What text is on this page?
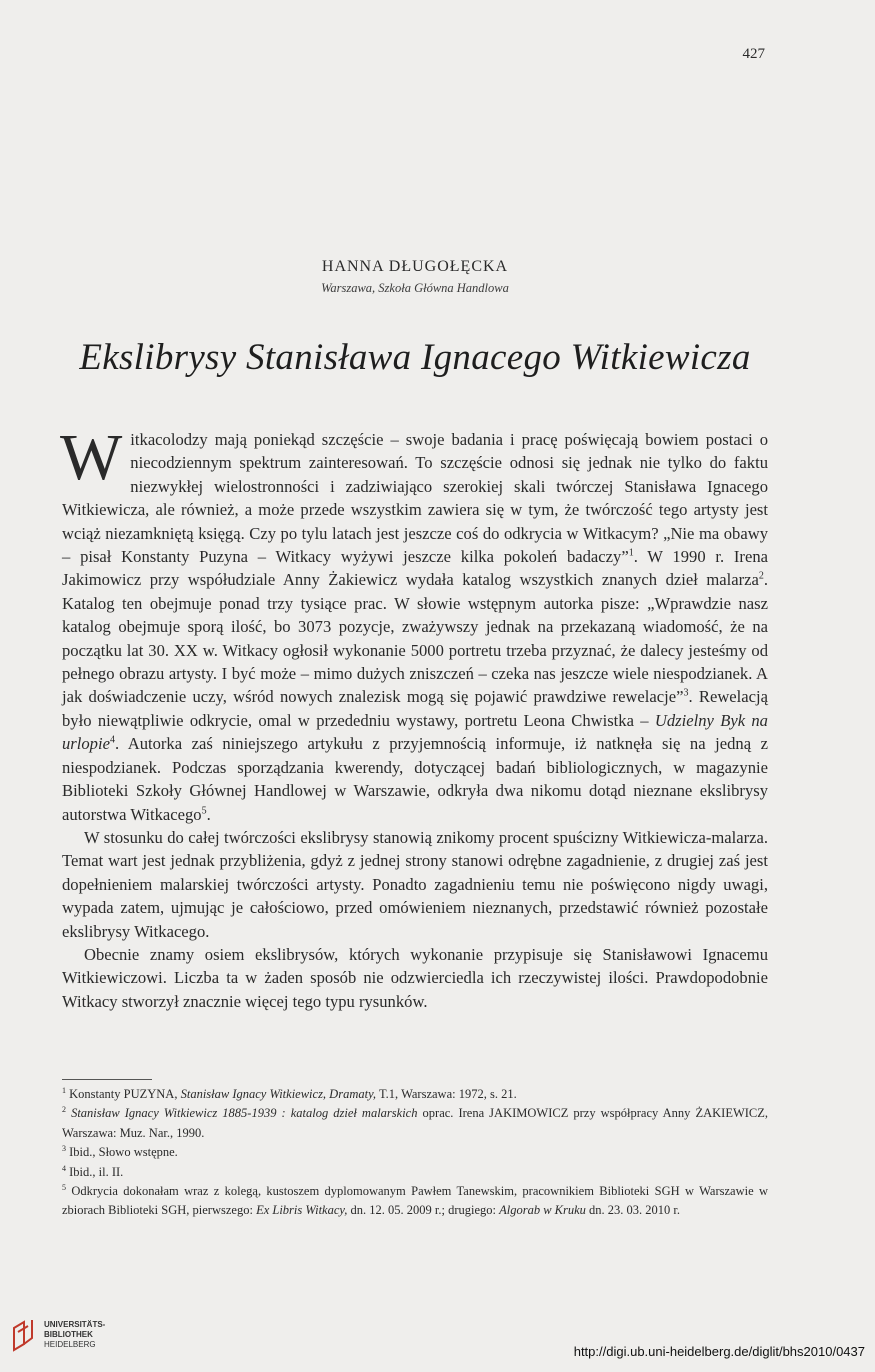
427
HANNA DŁUGOŁĘCKA
Warszawa, Szkoła Główna Handlowa
Ekslibrysy Stanisława Ignacego Witkiewicza

Witkacolodzy mają poniekąd szczęście – swoje badania i pracę poświęcają bowiem postaci o niecodziennym spektrum zainteresowań. To szczęście odnosi się jednak nie tylko do faktu niezwykłej wielostronności i zadziwiająco szerokiej skali twórczej Stanisława Ignacego Witkiewicza, ale również, a może przede wszystkim zawiera się w tym, że twórczość tego artysty jest wciąż niezamkniętą księgą. Czy po tylu latach jest jeszcze coś do odkrycia w Witkacym? „Nie ma obawy – pisał Konstanty Puzyna – Witkacy wyżywi jeszcze kilka pokoleń badaczy”$^1$. W 1990 r. Irena Jakimowicz przy współudziale Anny Żakiewicz wydała katalog wszystkich znanych dzieł malarza$^2$. Katalog ten obejmuje ponad trzy tysiące prac. W słowie wstępnym autorka pisze: „Wprawdzie nasz katalog obejmuje sporą ilość, bo 3073 pozycje, zważywszy jednak na przekazaną wiadomość, że na początku lat 30. XX w. Witkacy ogłosił wykonanie 5000 portretu trzeba przyznać, że dalecy jesteśmy od pełnego obrazu artysty. I być może – mimo dużych zniszczeń – czeka nas jeszcze wiele niespodzianek. A jak doświadczenie uczy, wśród nowych znalezisk mogą się pojawić prawdziwe rewelacje”$^3$. Rewelacją było niewątpliwie odkrycie, omal w przededniu wystawy, portretu Leona Chwistka – Udzielny Byk na urlopie$^4$. Autorka zaś niniejszego artykułu z przyjemnością informuje, iż natknęła się na jedną z niespodzianek. Podczas sporządzania kwerendy, dotyczącej badań bibliologicznych, w magazynie Biblioteki Szkoły Głównej Handlowej w Warszawie, odkryła dwa nikomu dotąd nieznane ekslibrysy autorstwa Witkacego$^5$.

W stosunku do całej twórczości ekslibrysy stanowią znikomy procent spuścizny Witkiewicza-malarza. Temat wart jest jednak przybliżenia, gdyż z jednej strony stanowi odrębne zagadnienie, z drugiej zaś jest dopełnieniem malarskiej twórczości artysty. Ponadto zagadnieniu temu nie poświęcono nigdy uwagi, wypada zatem, ujmując je całościowo, przed omówieniem nieznanych, przedstawić również pozostałe ekslibrysy Witkacego.

Obecnie znamy osiem ekslibrysów, których wykonanie przypisuje się Stanisławowi Ignacemu Witkiewiczowi. Liczba ta w żaden sposób nie odzwierciedla ich rzeczywistej ilości. Prawdopodobnie Witkacy stworzył znacznie więcej tego typu rysunków.

$^1$ Konstanty PUZYNA, Stanisław Ignacy Witkiewicz, Dramaty, T.1, Warszawa: 1972, s. 21.

$^2$ Stanisław Ignacy Witkiewicz 1885-1939 : katalog dzieł malarskich oprac. Irena JAKIMOWICZ przy współpracy Anny ŻAKIEWICZ, Warszawa: Muz. Nar., 1990.

$^3$ Ibid., Słowo wstępne.

$^4$ Ibid., il. II.

$^5$ Odkrycia dokonałam wraz z kolegą, kustoszem dyplomowanym Pawłem Tanewskim, pracownikiem Biblioteki SGH w Warszawie w zbiorach Biblioteki SGH, pierwszego: Ex Libris Witkacy, dn. 12. 05. 2009 r.; drugiego: Algorab w Kruku dn. 23. 03. 2010 r.

UNIVERSITÄTS-
BIBLIOTHEK
HEIDELBERG	http://digi.ub.uni-heidelberg.de/diglit/bhs2010/0437
